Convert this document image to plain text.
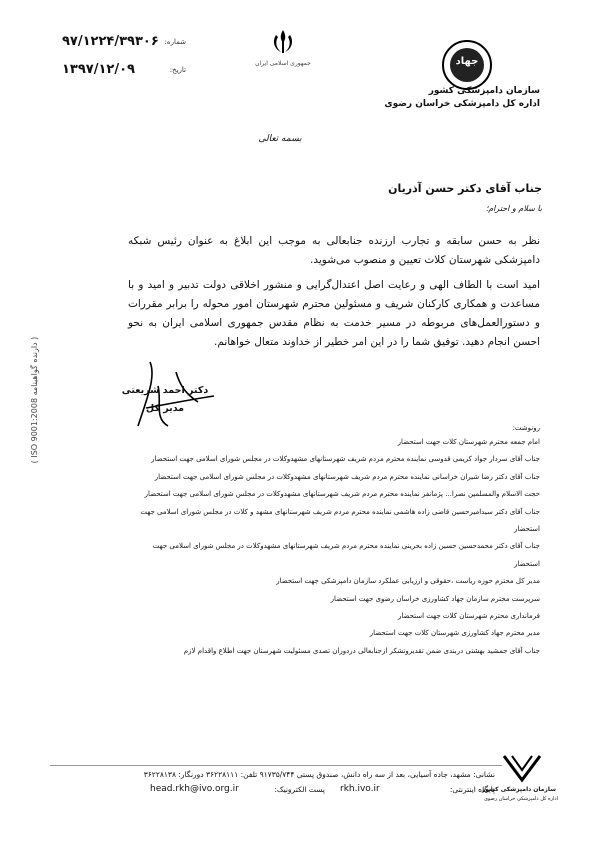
شماره:
۹۷/۱۲۲۴/۳۹۳۰۶
تاریخ:
۱۳۹۷/۱۲/۰۹	جمهوری اسلامی ایران	جهاد
سازمان دامپزشکی کشور
اداره کل دامپزشکی خراسان رضوی
بسمه تعالی
جناب آقای دکتر حسن آذریان
با سلام و احترام؛
نظر به حسن سابقه و تجارب ارزنده جنابعالی به موجب این ابلاغ به عنوان رئیس شبکه دامپزشکی شهرستان کلات تعیین و منصوب می‌شوید.
امید است با الطاف الهی و رعایت اصل اعتدال‌گرایی و منشور اخلاقی دولت تدبیر و امید و با مساعدت و همکاری کارکنان شریف و مسئولین محترم شهرستان امور محوله را برابر مقررات و دستورالعمل‌های مربوطه در مسیر خدمت به نظام مقدس جمهوری اسلامی ایران به نحو احسن انجام دهید. توفیق شما را در این امر خطیر از خداوند متعال خواهانم.
دکتر احمد شریعتی
مدیر کل
رونوشت:
امام جمعه محترم شهرستان کلات جهت استحضار
جناب آقای سردار جواد کریمی قدوسی نماینده محترم مردم شریف شهرستانهای مشهدوکلات در مجلس شورای اسلامی جهت استحضار
جناب آقای دکتر رضا شیران خراسانی نماینده محترم مردم شریف شهرستانهای مشهدوکلات در مجلس شورای اسلامی جهت استحضار
حجت الاسلام والمسلمین نصرا... پژمانفر نماینده محترم مردم شریف شهرستانهای مشهدوکلات در مجلس شورای اسلامی جهت استحضار
جناب آقای دکتر سیدامیرحسین قاضی زاده هاشمی نماینده محترم مردم شریف شهرستانهای مشهد و کلات در مجلس شورای اسلامی جهت
استحضار
جناب آقای دکتر محمدحسین حسین زاده بحرینی نماینده محترم مردم شریف شهرستانهای مشهدوکلات در مجلس شورای اسلامی جهت
استحضار
مدیر کل محترم حوزه ریاست ،حقوقی و ارزیابی عملکرد سازمان دامپزشکی جهت استحضار
سرپرست محترم سازمان جهاد کشاورزی خراسان رضوی جهت استحضار
فرمانداری محترم شهرستان کلات جهت استحضار
مدیر محترم جهاد کشاورزی شهرستان کلات جهت استحضار
جناب آقای جمشید بهشتی دربندی ضمن تقدیروتشکر ازجنابعالی دردوران تصدی مسئولیت شهرستان جهت اطلاع واقدام لازم
( ISO 9001:2008 دارنده گواهینامه )
نشانی: مشهد، جاده آسیایی، بعد از سه راه دانش، صندوق پستی ۹۱۷۳۵/۷۴۴ تلفن: ۳۶۲۲۸۱۱۱ دورنگار: ۳۶۲۲۸۱۳۸
پایگاه اینترنتی:
rkh.ivo.ir
پست الکترونیک:
head.rkh@ivo.org.ir	سازمان دامپزشکی کشور
اداره کل دامپزشکی خراسان رضوی
